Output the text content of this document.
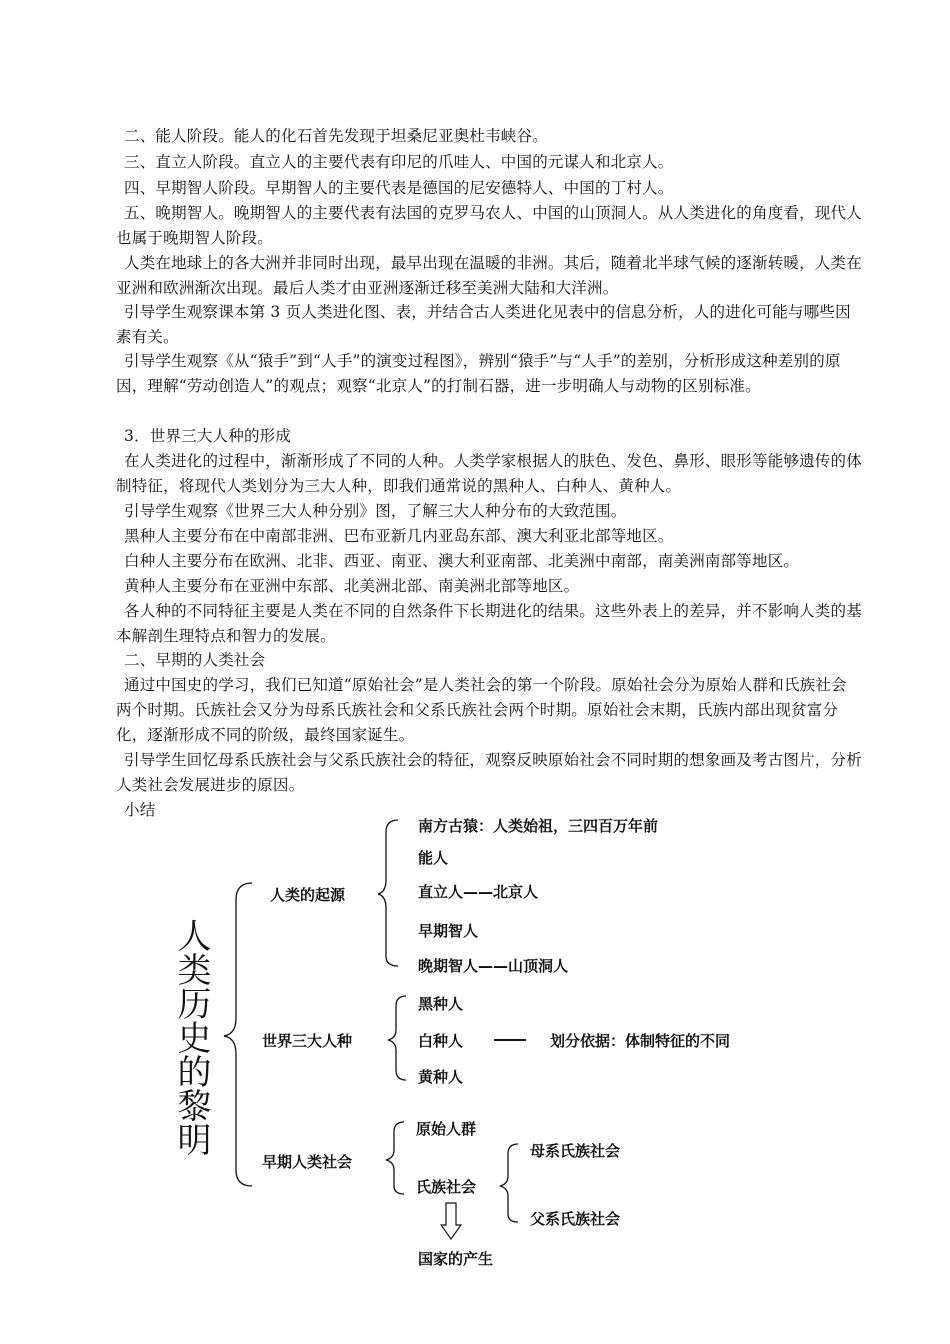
二、能人阶段。能人的化石首先发现于坦桑尼亚奥杜韦峡谷。

三、直立人阶段。直立人的主要代表有印尼的爪哇人、中国的元谋人和北京人。

四、早期智人阶段。早期智人的主要代表是德国的尼安德特人、中国的丁村人。

五、晚期智人。晚期智人的主要代表有法国的克罗马农人、中国的山顶洞人。从人类进化的角度看，现代人也属于晚期智人阶段。

人类在地球上的各大洲并非同时出现，最早出现在温暖的非洲。其后，随着北半球气候的逐渐转暖，人类在亚洲和欧洲渐次出现。最后人类才由亚洲逐渐迁移至美洲大陆和大洋洲。

引导学生观察课本第 3 页人类进化图、表，并结合古人类进化见表中的信息分析，人的进化可能与哪些因素有关。

引导学生观察《从“猿手”到“人手”的演变过程图》，辨别“猿手”与“人手”的差别，分析形成这种差别的原因，理解“劳动创造人”的观点；观察“北京人”的打制石器，进一步明确人与动物的区别标准。

3．世界三大人种的形成

在人类进化的过程中，渐渐形成了不同的人种。人类学家根据人的肤色、发色、鼻形、眼形等能够遗传的体制特征，将现代人类划分为三大人种，即我们通常说的黑种人、白种人、黄种人。

引导学生观察《世界三大人种分别》图，了解三大人种分布的大致范围。

黑种人主要分布在中南部非洲、巴布亚新几内亚岛东部、澳大利亚北部等地区。

白种人主要分布在欧洲、北非、西亚、南亚、澳大利亚南部、北美洲中南部，南美洲南部等地区。

黄种人主要分布在亚洲中东部、北美洲北部、南美洲北部等地区。

各人种的不同特征主要是人类在不同的自然条件下长期进化的结果。这些外表上的差异，并不影响人类的基本解剖生理特点和智力的发展。

二、早期的人类社会

通过中国史的学习，我们已知道“原始社会”是人类社会的第一个阶段。原始社会分为原始人群和氏族社会两个时期。氏族社会又分为母系氏族社会和父系氏族社会两个时期。原始社会末期，氏族内部出现贫富分化，逐渐形成不同的阶级，最终国家诞生。

引导学生回忆母系氏族社会与父系氏族社会的特征，观察反映原始社会不同时期的想象画及考古图片，分析人类社会发展进步的原因。

小结

人类历史的黎明
人类的起源
南方古猿：人类始祖，三四百万年前
能人
直立人——北京人
早期智人
晚期智人——山顶洞人
世界三大人种
黑种人
白种人
黄种人
划分依据：体制特征的不同
早期人类社会
原始人群
氏族社会
母系氏族社会
父系氏族社会
国家的产生
